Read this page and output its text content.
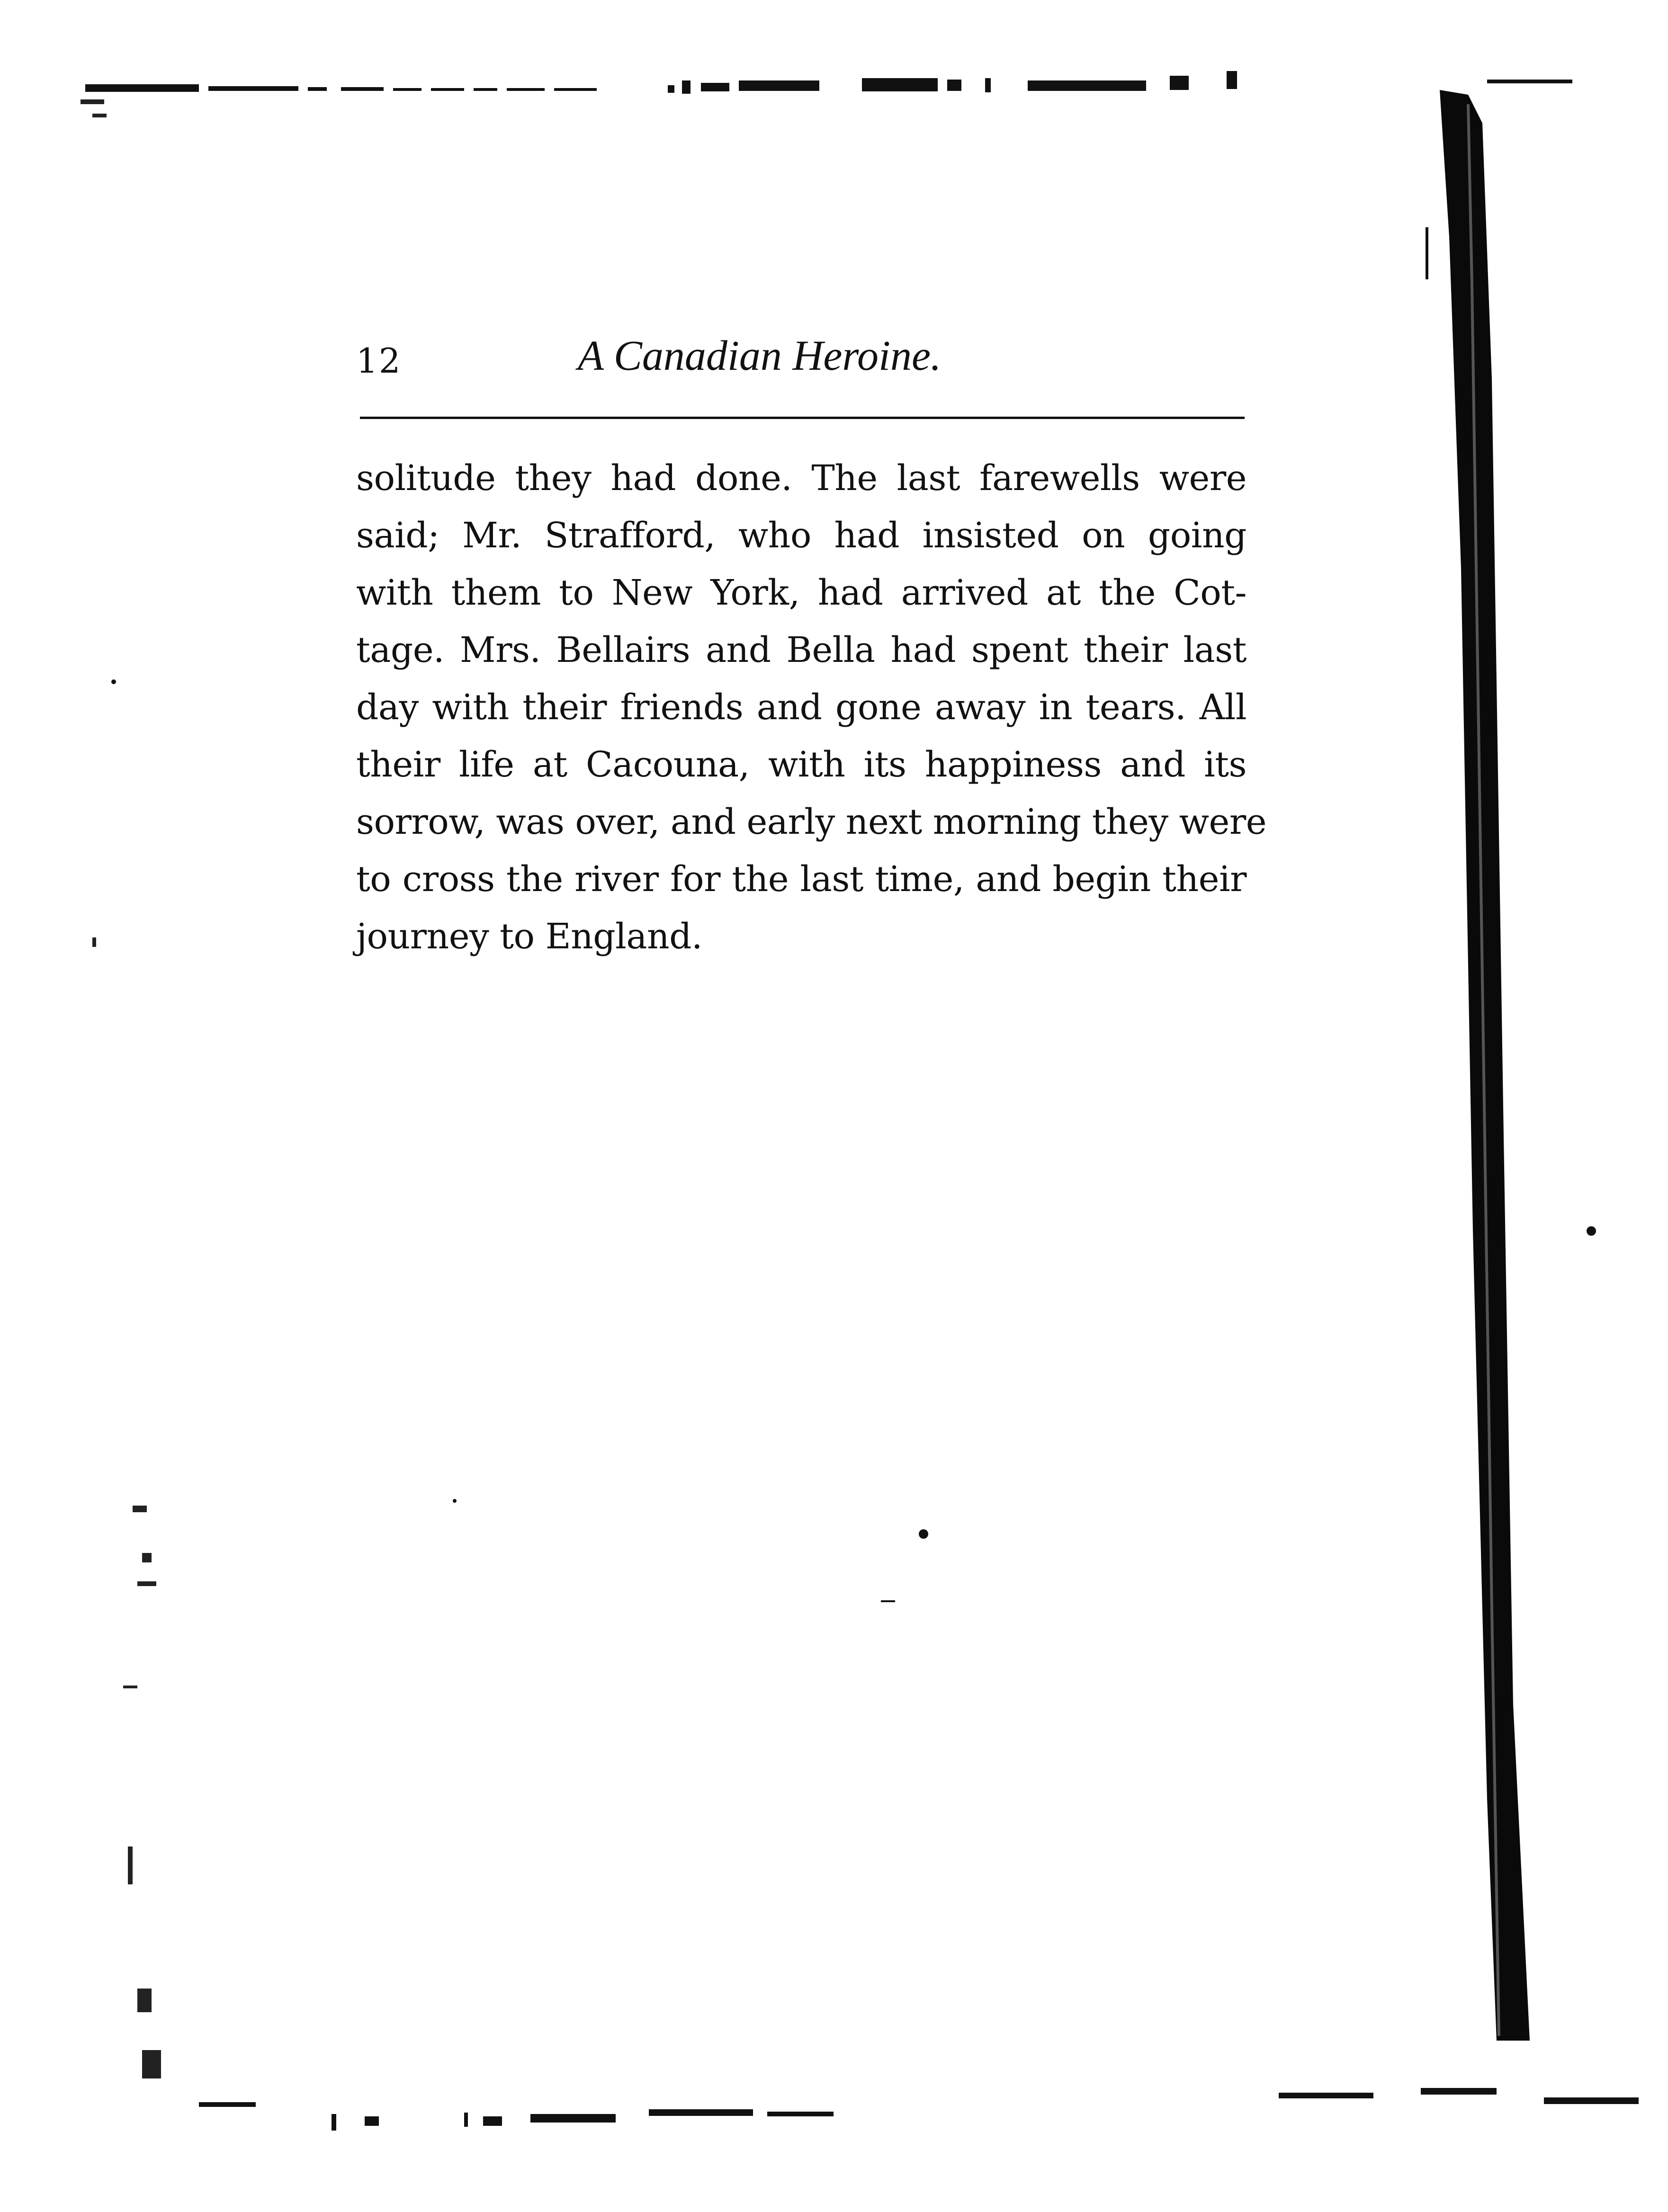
12	A Canadian Heroine.
solitude they had done. The last farewells were
said; Mr. Strafford, who had insisted on going
with them to New York, had arrived at the Cot-
tage. Mrs. Bellairs and Bella had spent their last
day with their friends and gone away in tears. All
their life at Cacouna, with its happiness and its
sorrow, was over, and early next morning they were
to cross the river for the last time, and begin their
journey to England.
